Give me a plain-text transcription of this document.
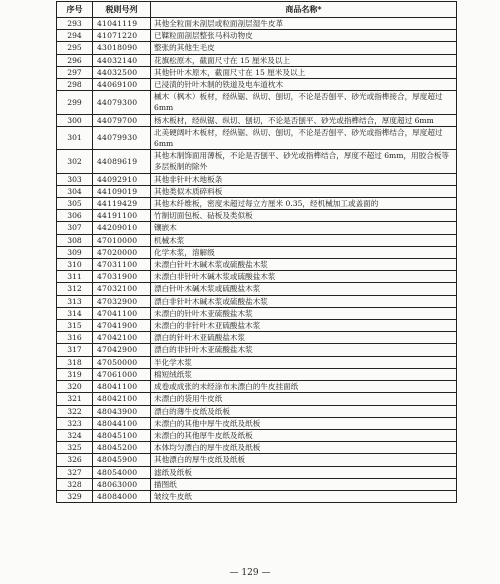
序号	税则号列	商品名称*
293	41041119	其他全粒面未剖层或粒面剖层湿牛皮革
294	41071220	已鞣粒面剖层整张马科动物皮
295	43018090	整张的其他生毛皮
296	44032140	花旗松原木，截面尺寸在 15 厘米及以上
297	44032500	其他针叶木原木，截面尺寸在 15 厘米及以上
298	44069100	已浸渍的针叶木制的铁道及电车道枕木
299	44079300	槭木（枫木）板材，经纵锯、纵切、刨切，不论是否刨平、砂光或指榫接合，厚度超过 6mm
300	44079700	杨木板材，经纵锯、纵切、刨切，不论是否刨平、砂光或指榫结合，厚度超过 6mm
301	44079930	北美硬阔叶木板材，经纵锯、纵切、刨切，不论是否刨平、砂光或指榫结合，厚度超过 6mm
302	44089619	其他木制饰面用薄板，不论是否刨平、砂光或指榫结合，厚度不超过 6mm，用胶合板等多层板制的除外
303	44092910	其他非针叶木地板条
304	44109019	其他类似木质碎料板
305	44119429	其他木纤维板，密度未超过每立方厘米 0.35，经机械加工或盖面的
306	44191100	竹制切面包板、砧板及类似板
307	44209010	镶嵌木
308	47010000	机械木浆
309	47020000	化学木浆，溶解级
310	47031100	未漂白针叶木碱木浆或硫酸盐木浆
311	47031900	未漂白非针叶木碱木浆或硫酸盐木浆
312	47032100	漂白针叶木碱木浆或硫酸盐木浆
313	47032900	漂白非针叶木碱木浆或硫酸盐木浆
314	47041100	未漂白的针叶木亚硫酸盐木浆
315	47041900	未漂白的非针叶木亚硫酸盐木浆
316	47042100	漂白的针叶木亚硫酸盐木浆
317	47042900	漂白的非针叶木亚硫酸盐木浆
318	47050000	半化学木浆
319	47061000	棉短绒纸浆
320	48041100	成卷或成张的未经涂布未漂白的牛皮挂面纸
321	48042100	未漂白的袋用牛皮纸
322	48043900	漂白的薄牛皮纸及纸板
323	48044100	未漂白的其他中厚牛皮纸及纸板
324	48045100	未漂白的其他厚牛皮纸及纸板
325	48045200	本体均匀漂白的厚牛皮纸及纸板
326	48045900	其他漂白的厚牛皮纸及纸板
327	48054000	滤纸及纸板
328	48063000	描图纸
329	48084000	皱纹牛皮纸
— 129 —
